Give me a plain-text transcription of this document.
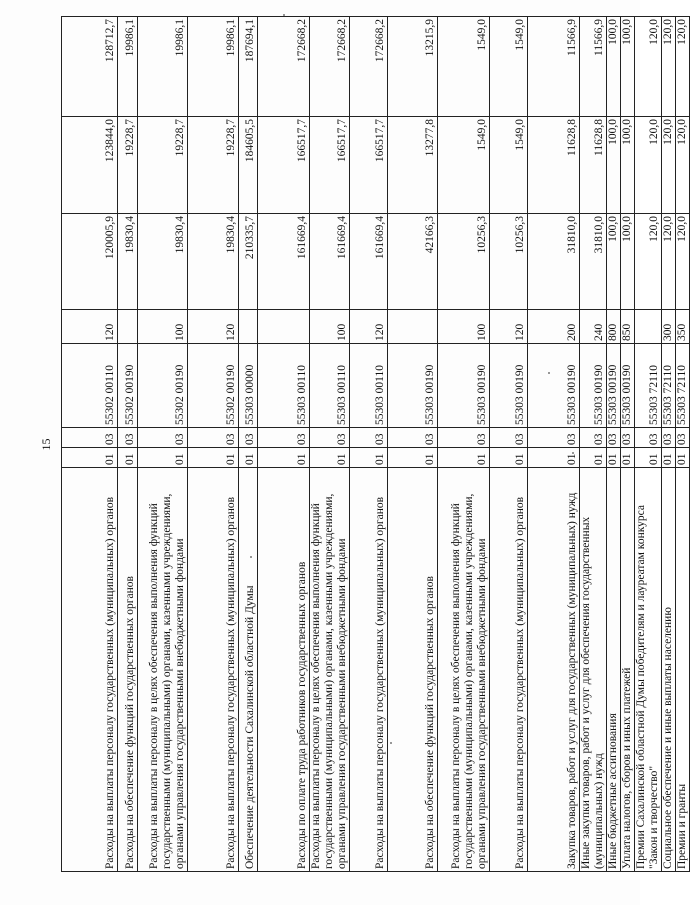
15
Расходы на выплаты персоналу государственных (муниципальных) органов	01	03	55302 00110	120	120005,9	123844,0	128712,7
Расходы на обеспечение функций государственных органов	01	03	55302 00190		19830,4	19228,7	19986,1
Расходы на выплаты персоналу в целях обеспечения выполнения функций государственными (муниципальными) органами, казенными учреждениями, органами управления государственными внебюджетными фондами	01	03	55302 00190	100	19830,4	19228,7	19986,1
Расходы на выплаты персоналу государственных (муниципальных) органов	01	03	55302 00190	120	19830,4	19228,7	19986,1
Обеспечение деятельности Сахалинской областной Думы	01	03	55303 00000		210335,7	184605,5	187694,1
Расходы по оплате труда работников государственных органов	01	03	55303 00110		161669,4	166517,7	172668,2
Расходы на выплаты персоналу в целях обеспечения выполнения функций государственными (муниципальными) органами, казенными учреждениями, органами управления государственными внебюджетными фондами	01	03	55303 00110	100	161669,4	166517,7	172668,2
Расходы на выплаты персоналу государственных (муниципальных) органов	01	03	55303 00110	120	161669,4	166517,7	172668,2
Расходы на обеспечение функций государственных органов	01	03	55303 00190		42166,3	13277,8	13215,9
Расходы на выплаты персоналу в целях обеспечения выполнения функций государственными (муниципальными) органами, казенными учреждениями, органами управления государственными внебюджетными фондами	01	03	55303 00190	100	10256,3	1549,0	1549,0
Расходы на выплаты персоналу государственных (муниципальных) органов	01	03	55303 00190	120	10256,3	1549,0	1549,0
Закупка товаров, работ и услуг для государственных (муниципальных) нужд	01	03	55303 00190	200	31810,0	11628,8	11566,9
Иные закупки товаров, работ и услуг для обеспечения государственных (муниципальных) нужд	01	03	55303 00190	240	31810,0	11628,8	11566,9
Иные бюджетные ассигнования	01	03	55303 00190	800	100,0	100,0	100,0
Уплата налогов, сборов и иных платежей	01	03	55303 00190	850	100,0	100,0	100,0
Премии Сахалинской областной Думы победителям и лауреатам конкурса "Закон и творчество"	01	03	55303 72110		120,0	120,0	120,0
Социальное обеспечение и иные выплаты населению	01	03	55303 72110	300	120,0	120,0	120,0
Премии и гранты	01	03	55303 72110	350	120,0	120,0	120,0
